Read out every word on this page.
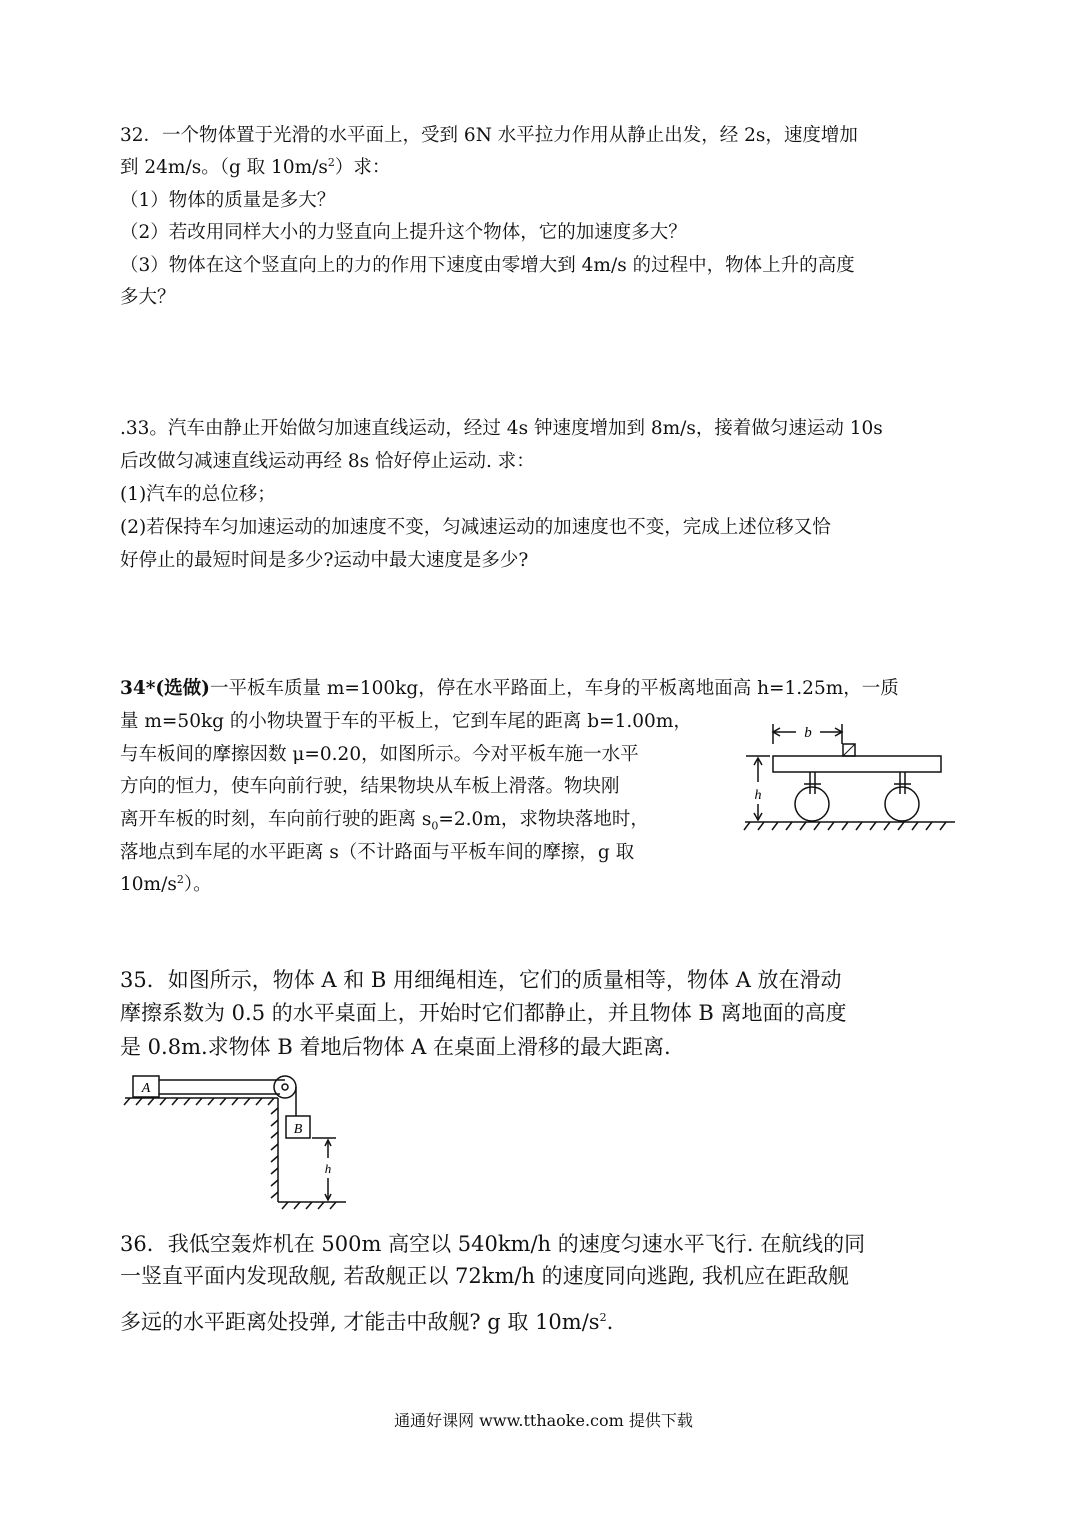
32．一个物体置于光滑的水平面上，受到 6N 水平拉力作用从静止出发，经 2s，速度增加
到 24m/s。（g 取 $10m/s^2$）求：
（1）物体的质量是多大？
（2）若改用同样大小的力竖直向上提升这个物体，它的加速度多大？
（3）物体在这个竖直向上的力的作用下速度由零增大到 4m/s 的过程中，物体上升的高度
多大？
.33。汽车由静止开始做匀加速直线运动，经过 4s 钟速度增加到 8m/s，接着做匀速运动 10s
后改做匀减速直线运动再经 8s 恰好停止运动. 求：
(1)汽车的总位移；
(2)若保持车匀加速运动的加速度不变，匀减速运动的加速度也不变，完成上述位移又恰
好停止的最短时间是多少?运动中最大速度是多少?
34*(选做)一平板车质量 m=100kg，停在水平路面上，车身的平板离地面高 h=1.25m，一质
量 m=50kg 的小物块置于车的平板上，它到车尾的距离 b=1.00m，
与车板间的摩擦因数 μ=0.20，如图所示。今对平板车施一水平
方向的恒力，使车向前行驶，结果物块从车板上滑落。物块刚
离开车板的时刻，车向前行驶的距离 $s_0=2.0m$，求物块落地时，
落地点到车尾的水平距离 s（不计路面与平板车间的摩擦，g 取
$10m/s^2$）。
b
h
35．如图所示，物体 A 和 B 用细绳相连，它们的质量相等，物体 A 放在滑动
摩擦系数为 0.5 的水平桌面上，开始时它们都静止，并且物体 B 离地面的高度
是 0.8m.求物体 B 着地后物体 A 在桌面上滑移的最大距离.
A
B
h
36．我低空轰炸机在 500m 高空以 540km/h 的速度匀速水平飞行. 在航线的同
一竖直平面内发现敌舰, 若敌舰正以 72km/h 的速度同向逃跑, 我机应在距敌舰
多远的水平距离处投弹, 才能击中敌舰? g 取 $10m/s^2$.
通通好课网 www.tthaoke.com 提供下载
